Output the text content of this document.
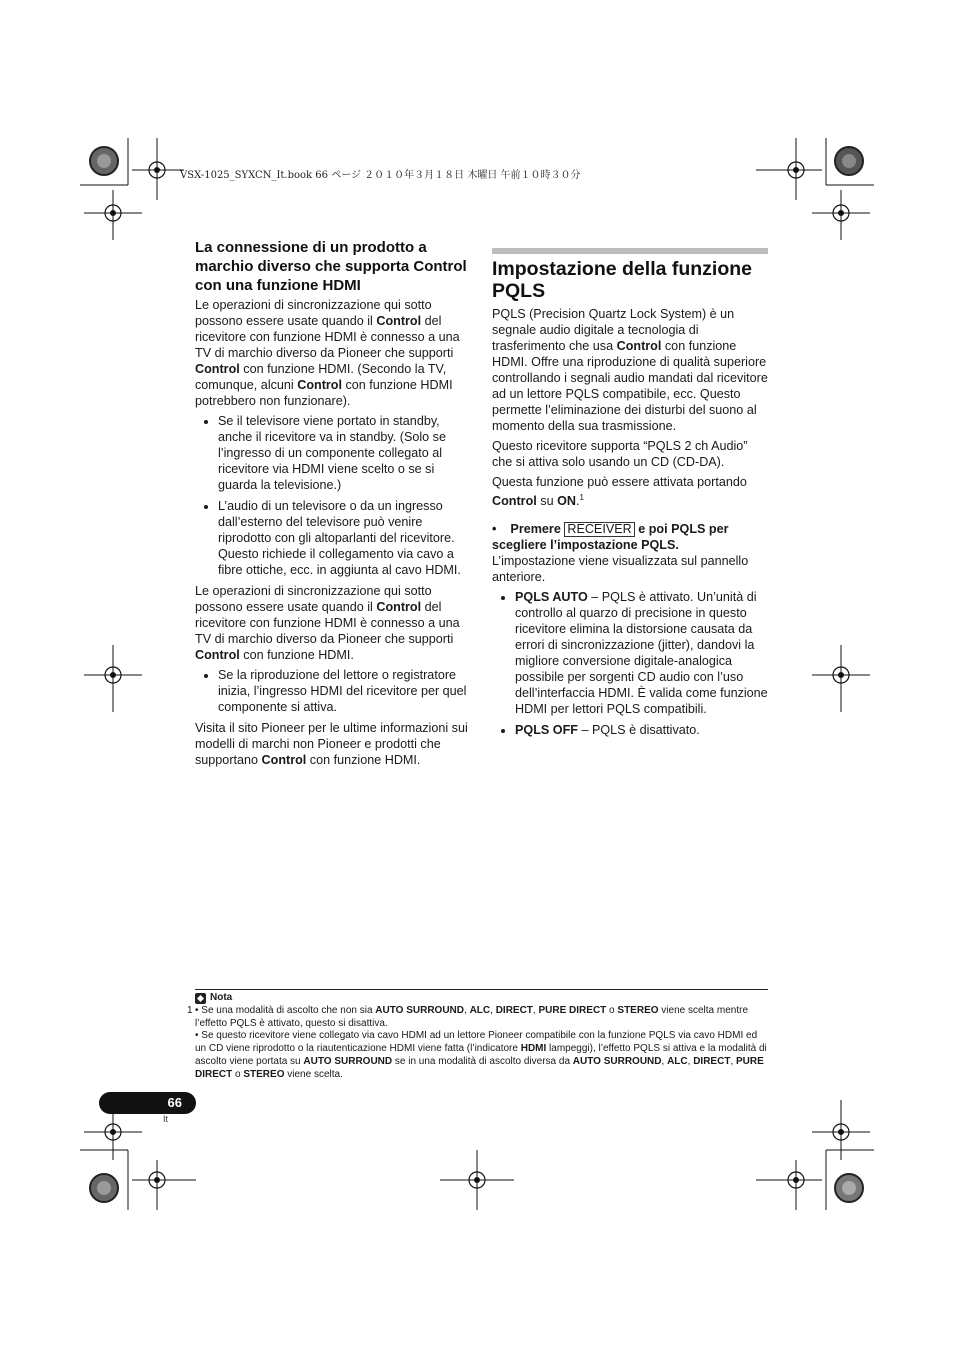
VSX-1025_SYXCN_It.book 66 ページ ２０１０年３月１８日 木曜日 午前１０時３０分
La connessione di un prodotto a marchio diverso che supporta Control con una funzione HDMI

Le operazioni di sincronizzazione qui sotto possono essere usate quando il Control del ricevitore con funzione HDMI è connesso a una TV di marchio diverso da Pioneer che supporti Control con funzione HDMI. (Secondo la TV, comunque, alcuni Control con funzione HDMI potrebbero non funzionare).

• Se il televisore viene portato in standby, anche il ricevitore va in standby. (Solo se l’ingresso di un componente collegato al ricevitore via HDMI viene scelto o se si guarda la televisione.)
• L’audio di un televisore o da un ingresso dall’esterno del televisore può venire riprodotto con gli altoparlanti del ricevitore. Questo richiede il collegamento via cavo a fibre ottiche, ecc. in aggiunta al cavo HDMI.

Le operazioni di sincronizzazione qui sotto possono essere usate quando il Control del ricevitore con funzione HDMI è connesso a una TV di marchio diverso da Pioneer che supporti Control con funzione HDMI.

• Se la riproduzione del lettore o registratore inizia, l’ingresso HDMI del ricevitore per quel componente si attiva.

Visita il sito Pioneer per le ultime informazioni sui modelli di marchi non Pioneer e prodotti che supportano Control con funzione HDMI.

Impostazione della funzione PQLS

PQLS (Precision Quartz Lock System) è un segnale audio digitale a tecnologia di trasferimento che usa Control con funzione HDMI. Offre una riproduzione di qualità superiore controllando i segnali audio mandati dal ricevitore ad un lettore PQLS compatibile, ecc. Questo permette l’eliminazione dei disturbi del suono al momento della sua trasmissione.

Questo ricevitore supporta “PQLS 2 ch Audio” che si attiva solo usando un CD (CD-DA).

Questa funzione può essere attivata portando Control su ON.$^1$

• Premere RECEIVER e poi PQLS per scegliere l’impostazione PQLS.

L’impostazione viene visualizzata sul pannello anteriore.

• PQLS AUTO – PQLS è attivato. Un’unità di controllo al quarzo di precisione in questo ricevitore elimina la distorsione causata da errori di sincronizzazione (jitter), dandovi la migliore conversione digitale-analogica possibile per sorgenti CD audio con l’uso dell’interfaccia HDMI. È valida come funzione HDMI per lettori PQLS compatibili.
• PQLS OFF – PQLS è disattivato.
Nota
1 • Se una modalità di ascolto che non sia AUTO SURROUND, ALC, DIRECT, PURE DIRECT o STEREO viene scelta mentre l’effetto PQLS è attivato, questo si disattiva.
• Se questo ricevitore viene collegato via cavo HDMI ad un lettore Pioneer compatibile con la funzione PQLS via cavo HDMI ed un CD viene riprodotto o la riautenticazione HDMI viene fatta (l’indicatore HDMI lampeggi), l’effetto PQLS si attiva e la modalità di ascolto viene portata su AUTO SURROUND se in una modalità di ascolto diversa da AUTO SURROUND, ALC, DIRECT, PURE DIRECT o STEREO viene scelta.
66
It
